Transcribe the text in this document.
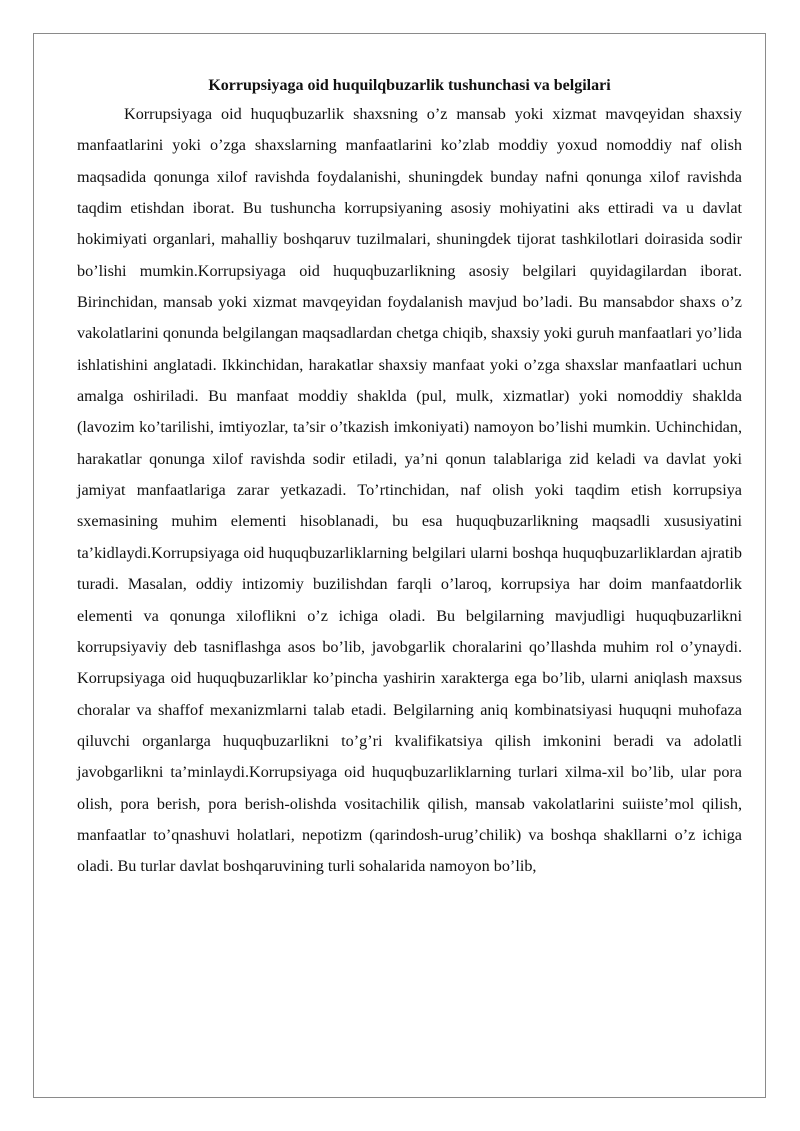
Korrupsiyaga oid huquilqbuzarlik tushunchasi va belgilari

Korrupsiyaga oid huquqbuzarlik shaxsning o’z mansab yoki xizmat mavqeyidan shaxsiy manfaatlarini yoki o’zga shaxslarning manfaatlarini ko’zlab moddiy yoxud nomoddiy naf olish maqsadida qonunga xilof ravishda foydalanishi, shuningdek bunday nafni qonunga xilof ravishda taqdim etishdan iborat. Bu tushuncha korrupsiyaning asosiy mohiyatini aks ettiradi va u davlat hokimiyati organlari, mahalliy boshqaruv tuzilmalari, shuningdek tijorat tashkilotlari doirasida sodir bo’lishi mumkin.Korrupsiyaga oid huquqbuzarlikning asosiy belgilari quyidagilardan iborat. Birinchidan, mansab yoki xizmat mavqeyidan foydalanish mavjud bo’ladi. Bu mansabdor shaxs o’z vakolatlarini qonunda belgilangan maqsadlardan chetga chiqib, shaxsiy yoki guruh manfaatlari yo’lida ishlatishini anglatadi. Ikkinchidan, harakatlar shaxsiy manfaat yoki o’zga shaxslar manfaatlari uchun amalga oshiriladi. Bu manfaat moddiy shaklda (pul, mulk, xizmatlar) yoki nomoddiy shaklda (lavozim ko’tarilishi, imtiyozlar, ta’sir o’tkazish imkoniyati) namoyon bo’lishi mumkin. Uchinchidan, harakatlar qonunga xilof ravishda sodir etiladi, ya’ni qonun talablariga zid keladi va davlat yoki jamiyat manfaatlariga zarar yetkazadi. To’rtinchidan, naf olish yoki taqdim etish korrupsiya sxemasining muhim elementi hisoblanadi, bu esa huquqbuzarlikning maqsadli xususiyatini ta’kidlaydi.Korrupsiyaga oid huquqbuzarliklarning belgilari ularni boshqa huquqbuzarliklardan ajratib turadi. Masalan, oddiy intizomiy buzilishdan farqli o’laroq, korrupsiya har doim manfaatdorlik elementi va qonunga xiloflikni o’z ichiga oladi. Bu belgilarning mavjudligi huquqbuzarlikni korrupsiyaviy deb tasniflashga asos bo’lib, javobgarlik choralarini qo’llashda muhim rol o’ynaydi. Korrupsiyaga oid huquqbuzarliklar ko’pincha yashirin xarakterga ega bo’lib, ularni aniqlash maxsus choralar va shaffof mexanizmlarni talab etadi. Belgilarning aniq kombinatsiyasi huquqni muhofaza qiluvchi organlarga huquqbuzarlikni to’g’ri kvalifikatsiya qilish imkonini beradi va adolatli javobgarlikni ta’minlaydi.Korrupsiyaga oid huquqbuzarliklarning turlari xilma-xil bo’lib, ular pora olish, pora berish, pora berish-olishda vositachilik qilish, mansab vakolatlarini suiiste’mol qilish, manfaatlar to’qnashuvi holatlari, nepotizm (qarindosh-urug’chilik) va boshqa shakllarni o’z ichiga oladi. Bu turlar davlat boshqaruvining turli sohalarida namoyon bo’lib,
